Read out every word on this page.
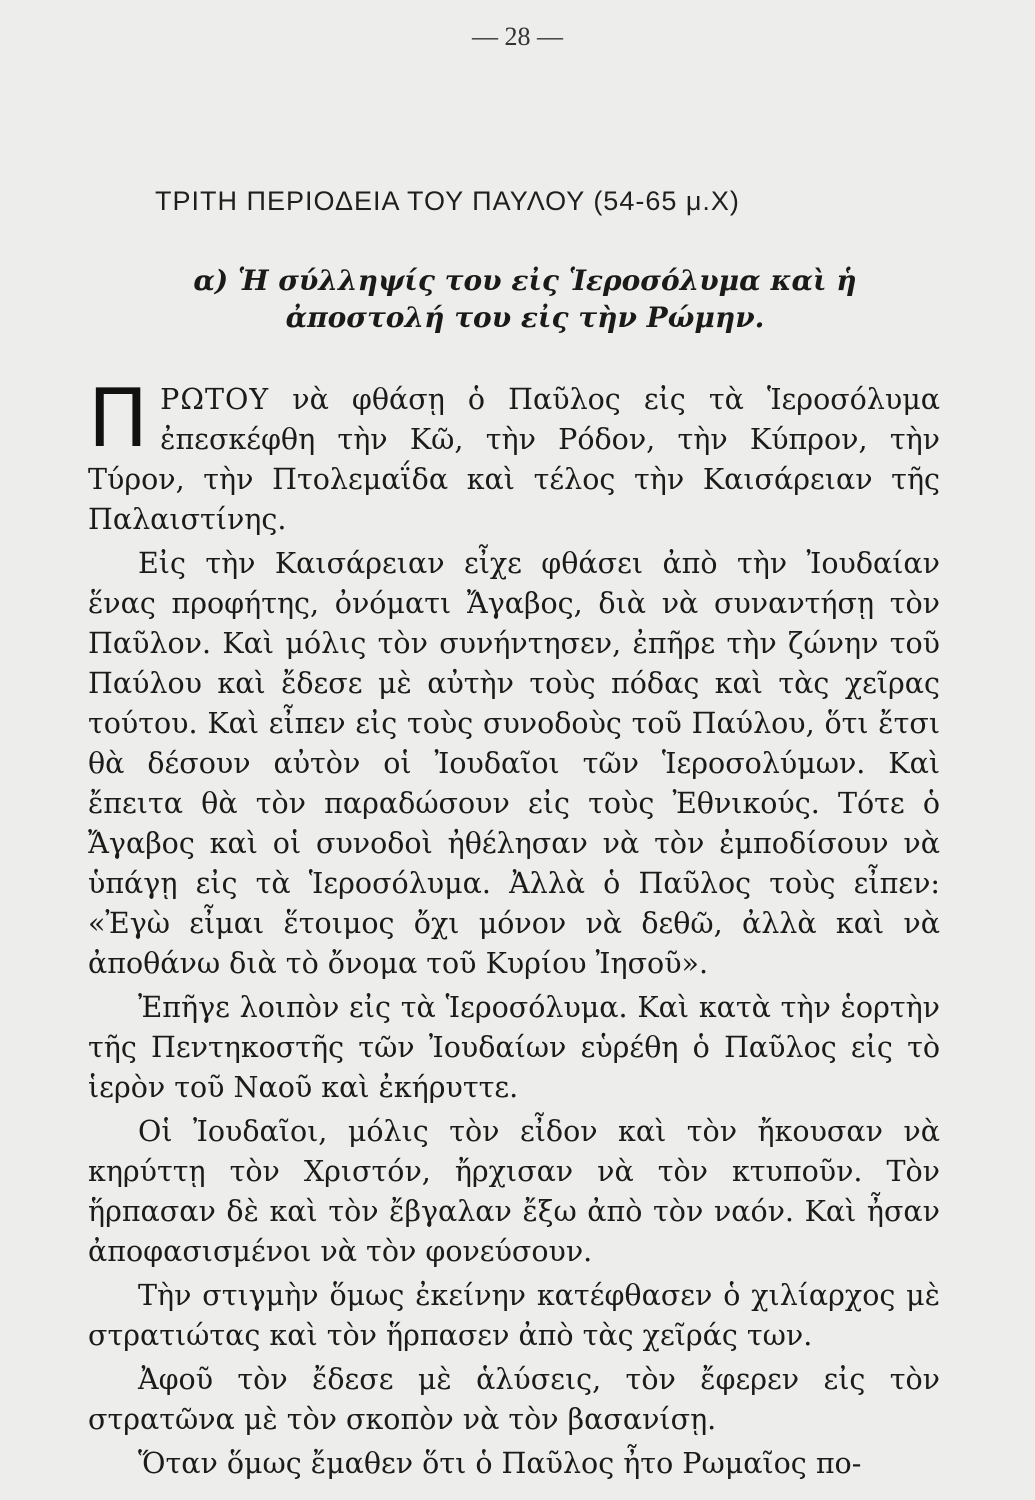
— 28 —
ΤΡΙΤΗ ΠΕΡΙΟΔΕΙΑ ΤΟΥ ΠΑΥΛΟΥ (54-65 μ.Χ)
α) Ἡ σύλληψίς του εἰς Ἱεροσόλυμα καὶ ἡ ἀποστολή του εἰς τὴν Ρώμην.

ΠΡΩΤΟΥ νὰ φθάσῃ ὁ Παῦλος εἰς τὰ Ἱεροσόλυμα ἐπεσκέφθη τὴν Κῶ, τὴν Ρόδον, τὴν Κύπρον, τὴν Τύρον, τὴν Πτολεμαΐδα καὶ τέλος τὴν Καισάρειαν τῆς Παλαιστίνης.

Εἰς τὴν Καισάρειαν εἶχε φθάσει ἀπὸ τὴν Ἰουδαίαν ἕνας προφήτης, ὀνόματι Ἄγαβος, διὰ νὰ συναντήσῃ τὸν Παῦλον. Καὶ μόλις τὸν συνήντησεν, ἐπῆρε τὴν ζώνην τοῦ Παύλου καὶ ἔδεσε μὲ αὐτὴν τοὺς πόδας καὶ τὰς χεῖρας τούτου. Καὶ εἶπεν εἰς τοὺς συνοδοὺς τοῦ Παύλου, ὅτι ἔτσι θὰ δέσουν αὐτὸν οἱ Ἰουδαῖοι τῶν Ἱεροσολύμων. Καὶ ἔπειτα θὰ τὸν παραδώσουν εἰς τοὺς Ἐθνικούς. Τότε ὁ Ἄγαβος καὶ οἱ συνοδοὶ ἠθέλησαν νὰ τὸν ἐμποδίσουν νὰ ὑπάγῃ εἰς τὰ Ἱεροσόλυμα. Ἀλλὰ ὁ Παῦλος τοὺς εἶπεν: «Ἐγὼ εἶμαι ἕτοιμος ὄχι μόνον νὰ δεθῶ, ἀλλὰ καὶ νὰ ἀποθάνω διὰ τὸ ὄνομα τοῦ Κυρίου Ἰησοῦ».

Ἐπῆγε λοιπὸν εἰς τὰ Ἱεροσόλυμα. Καὶ κατὰ τὴν ἑορτὴν τῆς Πεντηκοστῆς τῶν Ἰουδαίων εὑρέθη ὁ Παῦλος εἰς τὸ ἱερὸν τοῦ Ναοῦ καὶ ἐκήρυττε.

Οἱ Ἰουδαῖοι, μόλις τὸν εἶδον καὶ τὸν ἤκουσαν νὰ κηρύττῃ τὸν Χριστόν, ἤρχισαν νὰ τὸν κτυποῦν. Τὸν ἥρπασαν δὲ καὶ τὸν ἔβγαλαν ἔξω ἀπὸ τὸν ναόν. Καὶ ἦσαν ἀποφασισμένοι νὰ τὸν φονεύσουν.

Τὴν στιγμὴν ὅμως ἐκείνην κατέφθασεν ὁ χιλίαρχος μὲ στρατιώτας καὶ τὸν ἥρπασεν ἀπὸ τὰς χεῖράς των.

Ἀφοῦ τὸν ἔδεσε μὲ ἁλύσεις, τὸν ἔφερεν εἰς τὸν στρατῶνα μὲ τὸν σκοπὸν νὰ τὸν βασανίσῃ.

Ὅταν ὅμως ἔμαθεν ὅτι ὁ Παῦλος ἦτο Ρωμαῖος πο-
